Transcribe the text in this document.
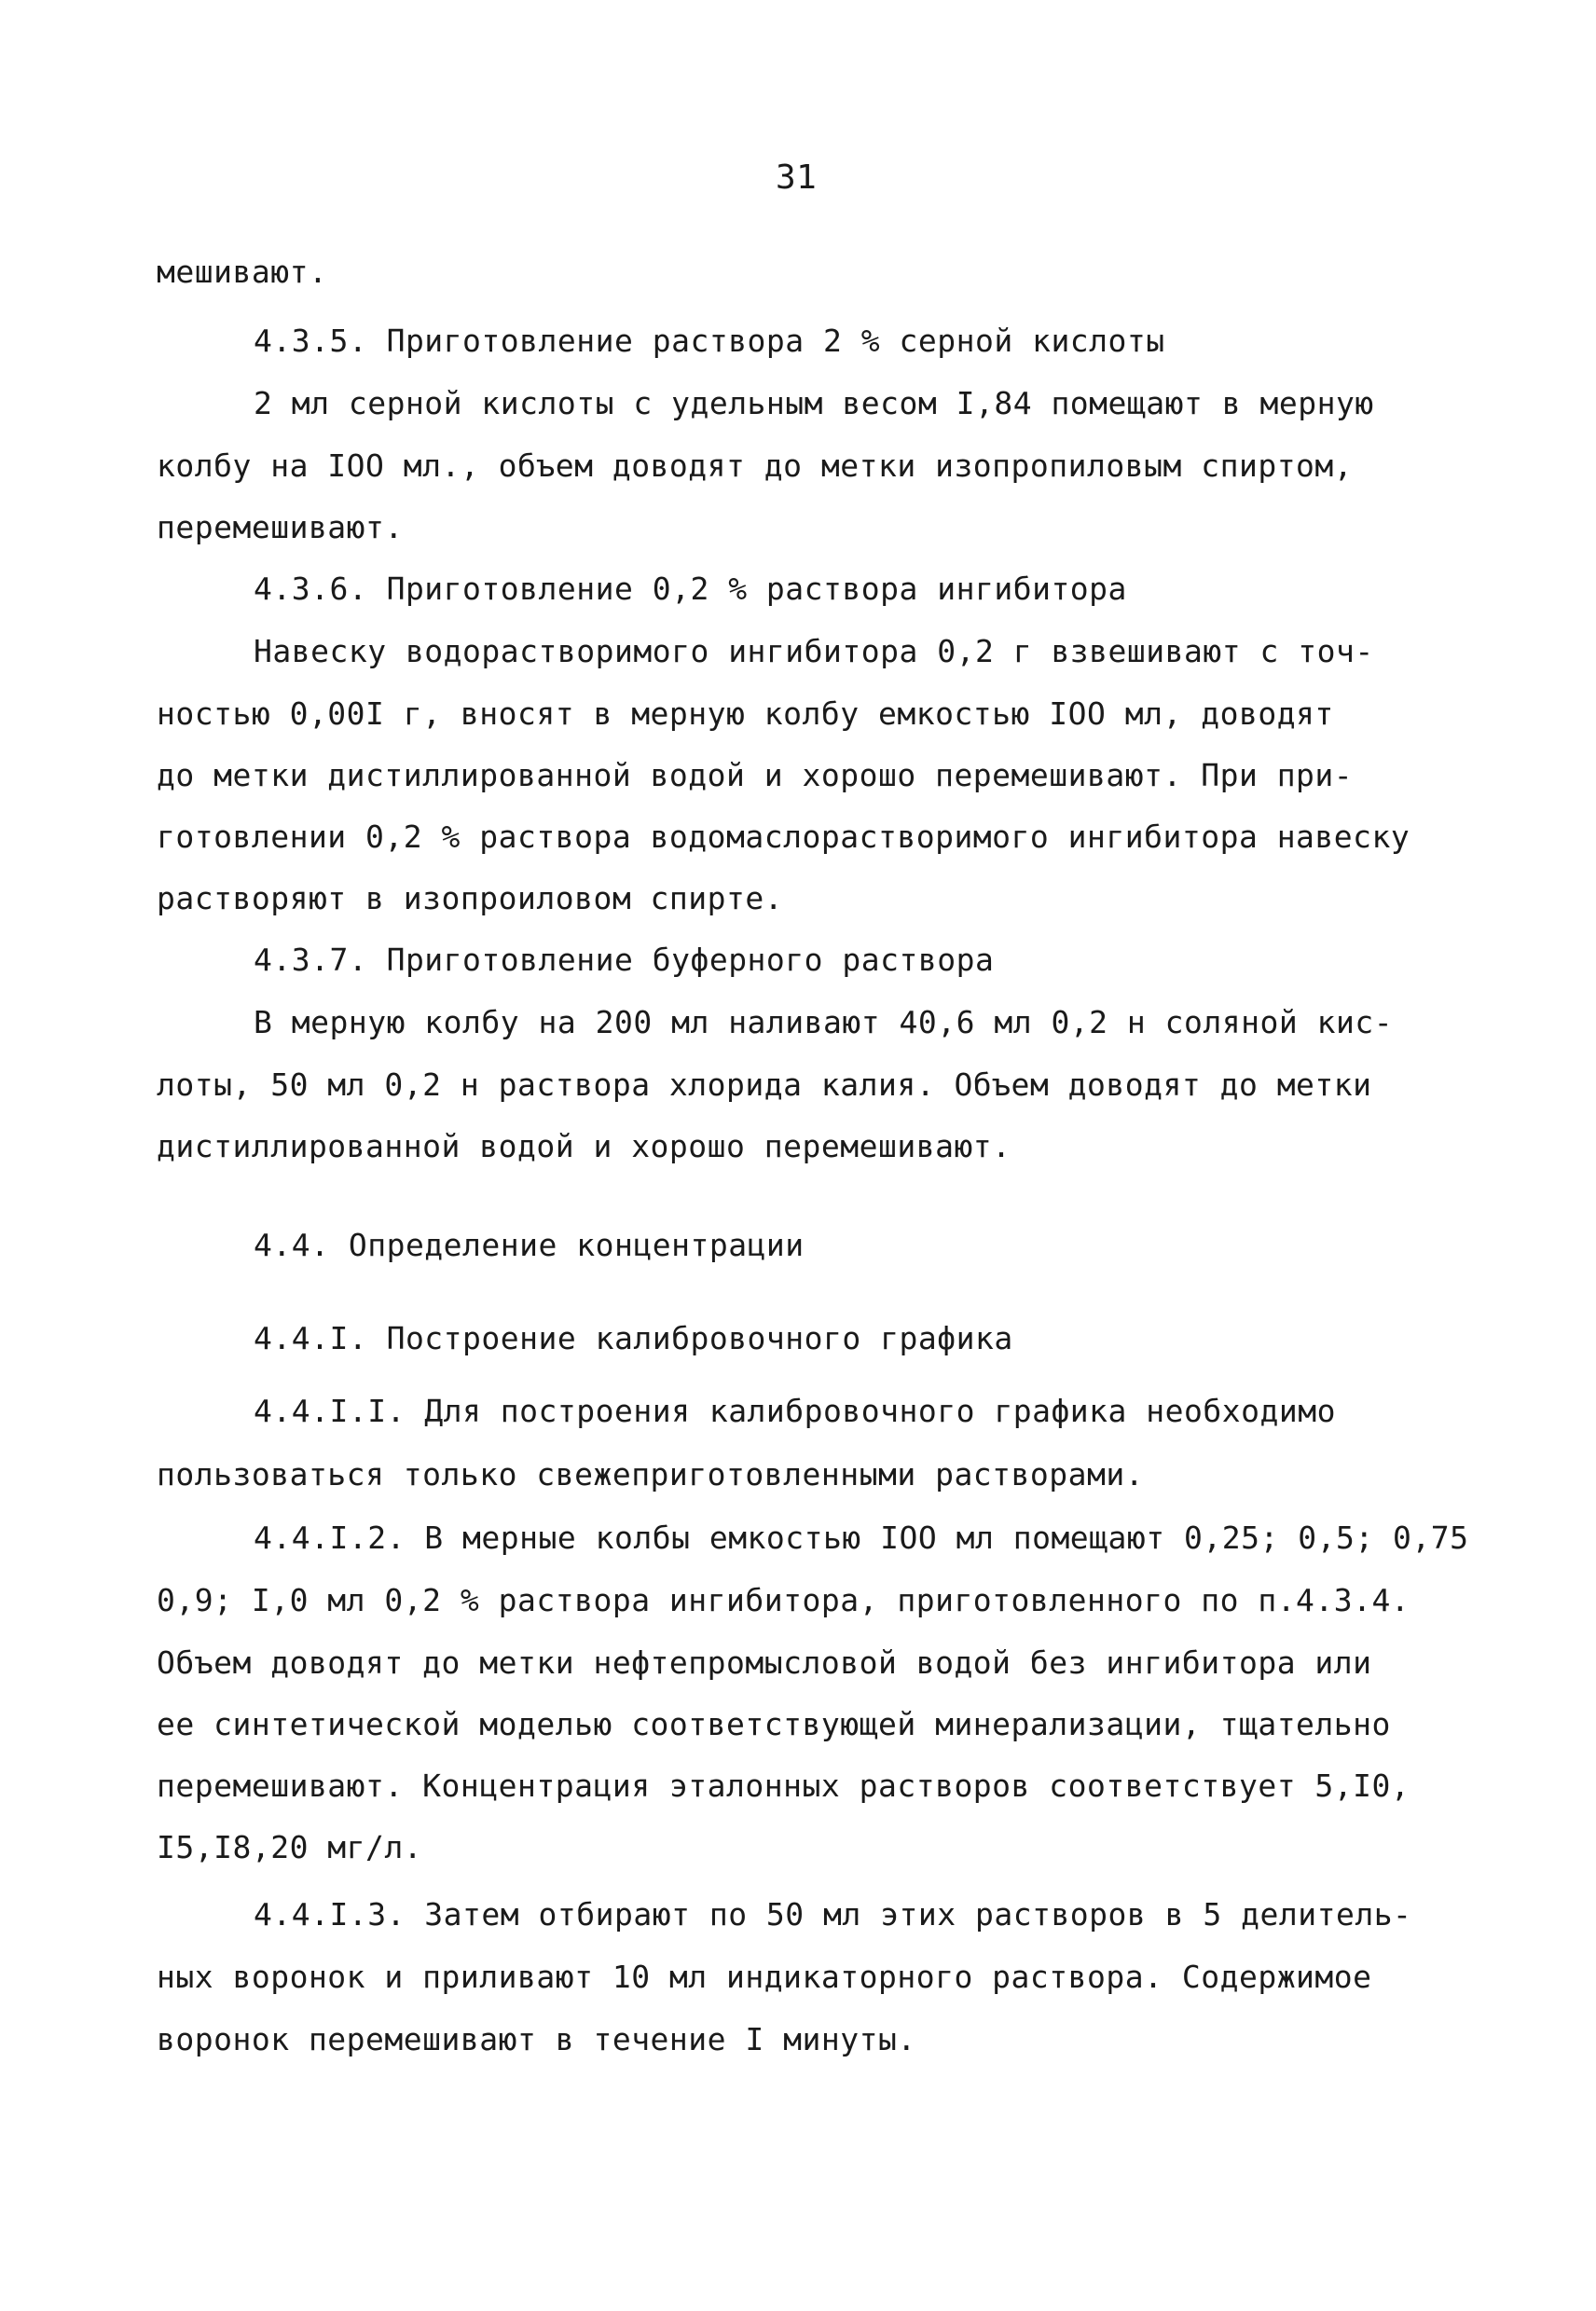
31
мешивают.
4.3.5. Приготовление раствора 2 % серной кислоты
2 мл серной кислоты с удельным весом I,84 помещают в мерную
колбу на IOO мл., объем доводят до метки изопропиловым спиртом,
перемешивают.
4.3.6. Приготовление 0,2 % раствора ингибитора
Навеску водорастворимого ингибитора 0,2 г взвешивают с точ-
ностью 0,00I г, вносят в мерную колбу емкостью IOO мл, доводят
до метки дистиллированной водой и хорошо перемешивают. При при-
готовлении 0,2 % раствора водомаслорастворимого ингибитора навеску
растворяют в изопроиловом спирте.
4.3.7. Приготовление буферного раствора
В мерную колбу на 200 мл наливают 40,6 мл 0,2 н соляной кис-
лоты, 50 мл 0,2 н раствора хлорида калия. Объем доводят до метки
дистиллированной водой и хорошо перемешивают.
4.4. Определение концентрации
4.4.I. Построение калибровочного графика
4.4.I.I. Для построения калибровочного графика необходимо
пользоваться только свежеприготовленными растворами.
4.4.I.2. В мерные колбы емкостью IOO мл помещают 0,25; 0,5; 0,75
0,9; I,0 мл 0,2 % раствора ингибитора, приготовленного по п.4.3.4.
Объем доводят до метки нефтепромысловой водой без ингибитора или
ее синтетической моделью соответствующей минерализации, тщательно
перемешивают. Концентрация эталонных растворов соответствует 5,I0,
I5,I8,20 мг/л.
4.4.I.3. Затем отбирают по 50 мл этих растворов в 5 делитель-
ных воронок и приливают 10 мл индикаторного раствора. Содержимое
воронок перемешивают в течение I минуты.
